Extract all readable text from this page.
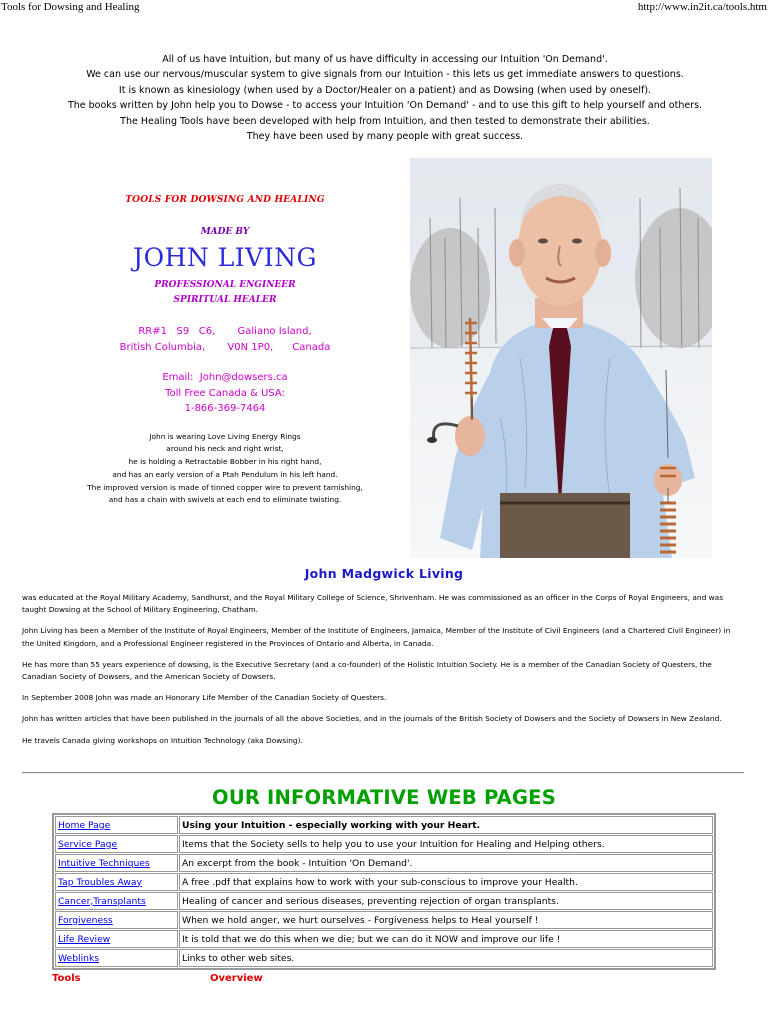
Tools for Dowsing and Healing	http://www.in2it.ca/tools.htm

All of us have Intuition, but many of us have difficulty in accessing our Intuition 'On Demand'.

We can use our nervous/muscular system to give signals from our Intuition - this lets us get immediate answers to questions.

It is known as kinesiology (when used by a Doctor/Healer on a patient) and as Dowsing (when used by oneself).

The books written by John help you to Dowse - to access your Intuition 'On Demand' - and to use this gift to help yourself and others.

The Healing Tools have been developed with help from Intuition, and then tested to demonstrate their abilities.

They have been used by many people with great success.

TOOLS FOR DOWSING AND HEALING
MADE BY
JOHN LIVING
PROFESSIONAL ENGINEER
SPIRITUAL HEALER
RR#1   S9   C6,       Galiano Island,
British Columbia,       V0N 1P0,      Canada
Email:  John@dowsers.ca
Toll Free Canada & USA:
1-866-369-7464

John is wearing Love Living Energy Rings

around his neck and right wrist,

he is holding a Retractable Bobber in his right hand,

and has an early version of a Ptah Pendulum in his left hand.

The improved version is made of tinned copper wire to prevent tarnishing,

and has a chain with swivels at each end to eliminate twisting.

John Madgwick Living

was educated at the Royal Military Academy, Sandhurst, and the Royal Military College of Science, Shrivenham. He was commissioned as an officer in the Corps of Royal Engineers, and was taught Dowsing at the School of Military Engineering, Chatham.

John Living has been a Member of the Institute of Royal Engineers, Member of the Institute of Engineers, Jamaica, Member of the Institute of Civil Engineers (and a Chartered Civil Engineer) in the United Kingdom, and a Professional Engineer registered in the Provinces of Ontario and Alberta, in Canada.

He has more than 55 years experience of dowsing, is the Executive Secretary (and a co-founder) of the Holistic Intuition Society. He is a member of the Canadian Society of Questers, the Canadian Society of Dowsers, and the American Society of Dowsers.

In September 2008 John was made an Honorary Life Member of the Canadian Society of Questers.

John has written articles that have been published in the journals of all the above Societies, and in the journals of the British Society of Dowsers and the Society of Dowsers in New Zealand.

He travels Canada giving workshops on Intuition Technology (aka Dowsing).

OUR INFORMATIVE WEB PAGES
Home Page	Using your Intuition - especially working with your Heart.
Service Page	Items that the Society sells to help you to use your Intuition for Healing and Helping others.
Intuitive Techniques	An excerpt from the book - Intuition 'On Demand'.
Tap Troubles Away	A free .pdf that explains how to work with your sub-conscious to improve your Health.
Cancer,Transplants	Healing of cancer and serious diseases, preventing rejection of organ transplants.
Forgiveness	When we hold anger, we hurt ourselves - Forgiveness helps to Heal yourself !
Life Review	It is told that we do this when we die; but we can do it NOW and improve our life !
Weblinks	Links to other web sites.
Tools	Overview
